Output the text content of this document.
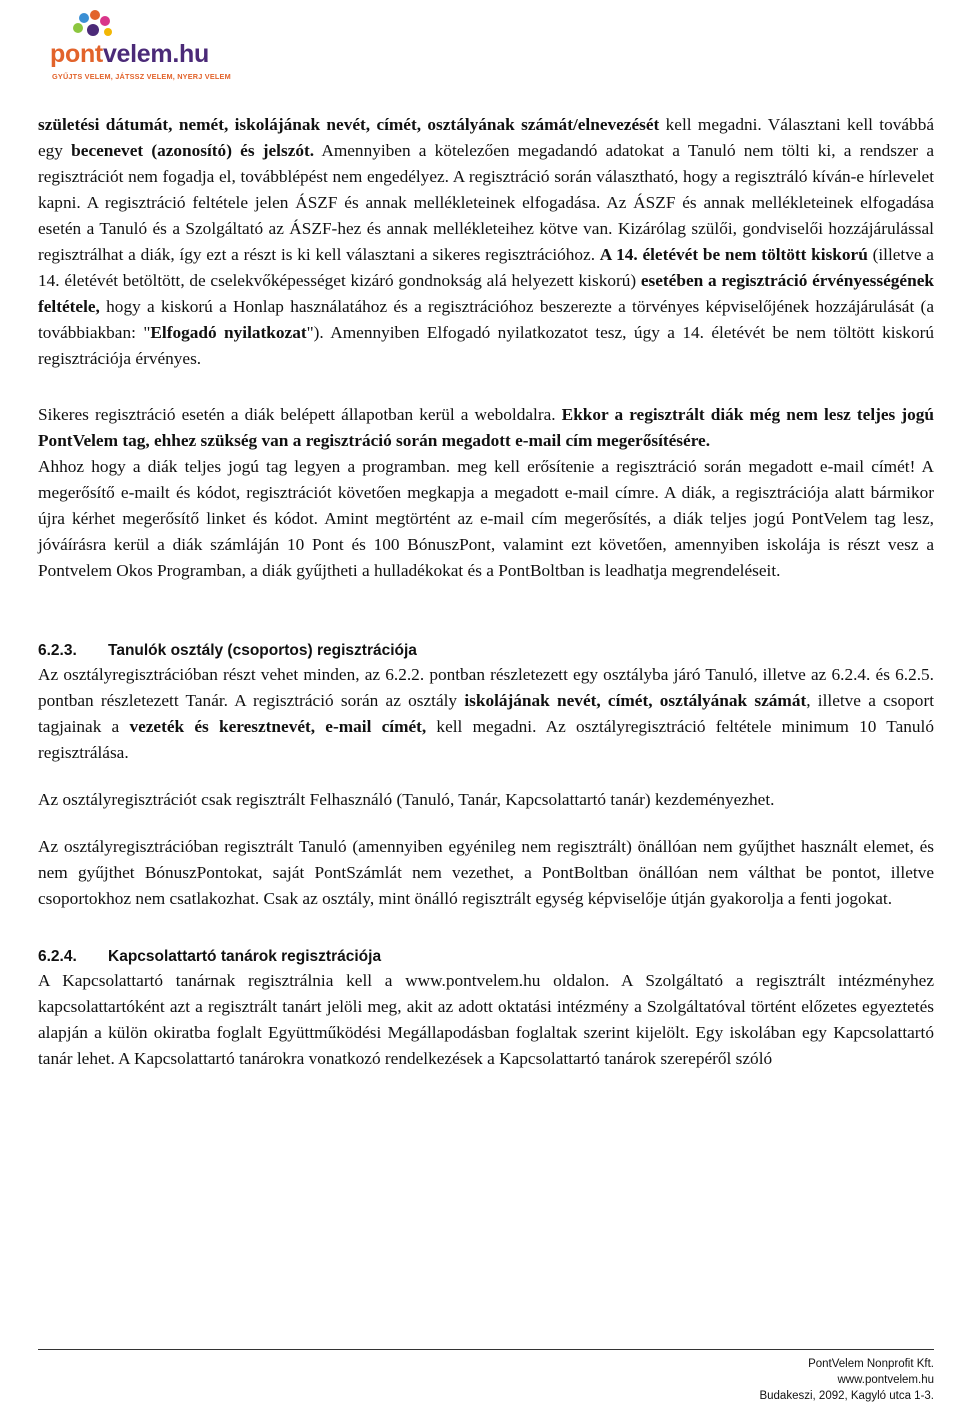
pontvelem.hu
GYŰJTS VELEM, JÁTSSZ VELEM, NYERJ VELEM

születési dátumát, nemét, iskolájának nevét, címét, osztályának számát/elnevezését kell megadni. Választani kell továbbá egy becenevet (azonosító) és jelszót. Amennyiben a kötelezően megadandó adatokat a Tanuló nem tölti ki, a rendszer a regisztrációt nem fogadja el, továbblépést nem engedélyez. A regisztráció során választható, hogy a regisztráló kíván-e hírlevelet kapni. A regisztráció feltétele jelen ÁSZF és annak mellékleteinek elfogadása. Az ÁSZF és annak mellékleteinek elfogadása esetén a Tanuló és a Szolgáltató az ÁSZF-hez és annak mellékleteihez kötve van. Kizárólag szülői, gondviselői hozzájárulással regisztrálhat a diák, így ezt a részt is ki kell választani a sikeres regisztrációhoz. A 14. életévét be nem töltött kiskorú (illetve a 14. életévét betöltött, de cselekvőképességet kizáró gondnokság alá helyezett kiskorú) esetében a regisztráció érvényességének feltétele, hogy a kiskorú a Honlap használatához és a regisztrációhoz beszerezte a törvényes képviselőjének hozzájárulását (a továbbiakban: "Elfogadó nyilatkozat"). Amennyiben Elfogadó nyilatkozatot tesz, úgy a 14. életévét be nem töltött kiskorú regisztrációja érvényes.

Sikeres regisztráció esetén a diák belépett állapotban kerül a weboldalra. Ekkor a regisztrált diák még nem lesz teljes jogú PontVelem tag, ehhez szükség van a regisztráció során megadott e-mail cím megerősítésére.

Ahhoz hogy a diák teljes jogú tag legyen a programban. meg kell erősítenie a regisztráció során megadott e-mail címét! A megerősítő e-mailt és kódot, regisztrációt követően megkapja a megadott e-mail címre. A diák, a regisztrációja alatt bármikor újra kérhet megerősítő linket és kódot. Amint megtörtént az e-mail cím megerősítés, a diák teljes jogú PontVelem tag lesz, jóváírásra kerül a diák számláján 10 Pont és 100 BónuszPont, valamint ezt követően, amennyiben iskolája is részt vesz a Pontvelem Okos Programban, a diák gyűjtheti a hulladékokat és a PontBoltban is leadhatja megrendeléseit.

6.2.3.	Tanulók osztály (csoportos) regisztrációja

Az osztályregisztrációban részt vehet minden, az 6.2.2. pontban részletezett egy osztályba járó Tanuló, illetve az 6.2.4. és 6.2.5. pontban részletezett Tanár. A regisztráció során az osztály iskolájának nevét, címét, osztályának számát, illetve a csoport tagjainak a vezeték és keresztnevét, e-mail címét, kell megadni. Az osztályregisztráció feltétele minimum 10 Tanuló regisztrálása.

Az osztályregisztrációt csak regisztrált Felhasználó (Tanuló, Tanár, Kapcsolattartó tanár) kezdeményezhet.

Az osztályregisztrációban regisztrált Tanuló (amennyiben egyénileg nem regisztrált) önállóan nem gyűjthet használt elemet, és nem gyűjthet BónuszPontokat, saját PontSzámlát nem vezethet, a PontBoltban önállóan nem válthat be pontot, illetve csoportokhoz nem csatlakozhat. Csak az osztály, mint önálló regisztrált egység képviselője útján gyakorolja a fenti jogokat.

6.2.4.	Kapcsolattartó tanárok regisztrációja

A Kapcsolattartó tanárnak regisztrálnia kell a www.pontvelem.hu oldalon. A Szolgáltató a regisztrált intézményhez kapcsolattartóként azt a regisztrált tanárt jelöli meg, akit az adott oktatási intézmény a Szolgáltatóval történt előzetes egyeztetés alapján a külön okiratba foglalt Együttműködési Megállapodásban foglaltak szerint kijelölt. Egy iskolában egy Kapcsolattartó tanár lehet. A Kapcsolattartó tanárokra vonatkozó rendelkezések a Kapcsolattartó tanárok szerepéről szóló

PontVelem Nonprofit Kft.
www.pontvelem.hu
Budakeszi, 2092, Kagyló utca 1-3.
